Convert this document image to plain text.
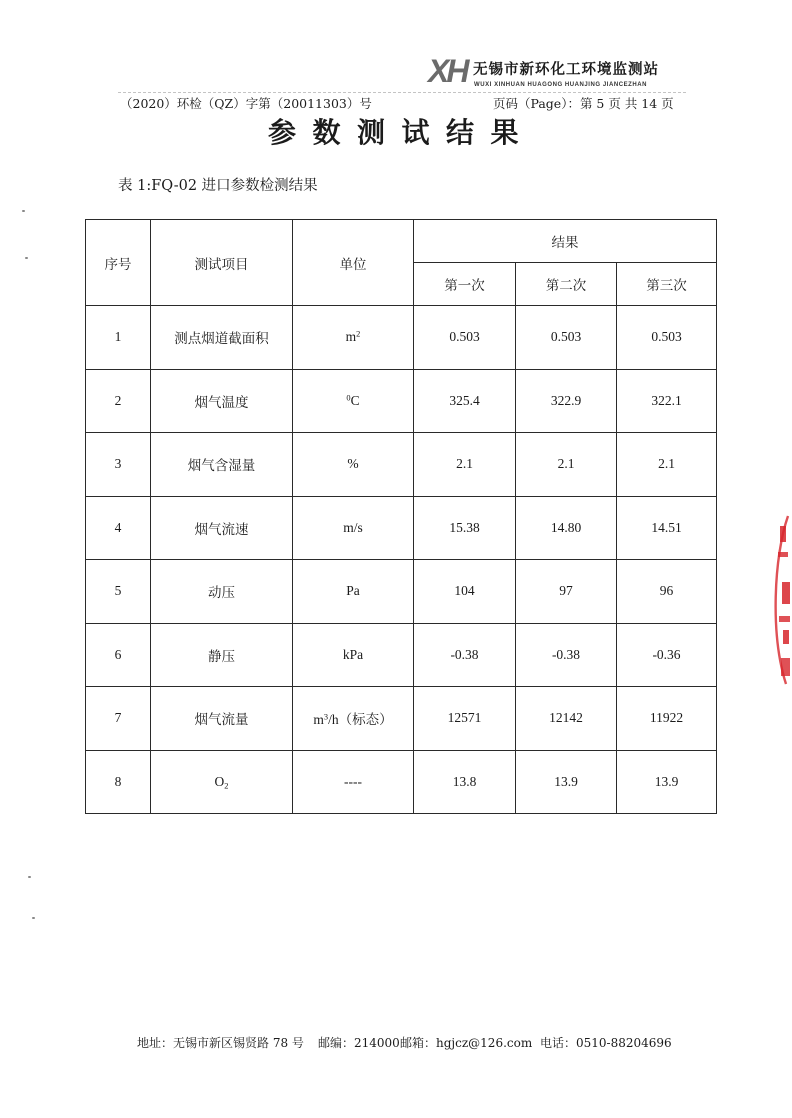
XH 无锡市新环化工环境监测站
WUXI XINHUAN HUAGONG HUANJING JIANCEZHAN
（2020）环检（QZ）字第（20011303）号	页码（Page）：第 5 页 共 14 页
参数测试结果
表 1:FQ-02 进口参数检测结果
序号	测试项目	单位	结果		
			第一次	第二次	第三次
1	测点烟道截面积	$m^2$	0.503	0.503	0.503
2	烟气温度	$^0$C	325.4	322.9	322.1
3	烟气含湿量	%	2.1	2.1	2.1
4	烟气流速	m/s	15.38	14.80	14.51
5	动压	Pa	104	97	96
6	静压	kPa	-0.38	-0.38	-0.36
7	烟气流量	$m^3/h$（标态）	12571	12142	11922
8	$O_2$	----	13.8	13.9	13.9
地址：无锡市新区锡贤路 78 号 邮编：214000 邮箱：hgjcz@126.com 电话：0510-88204696
